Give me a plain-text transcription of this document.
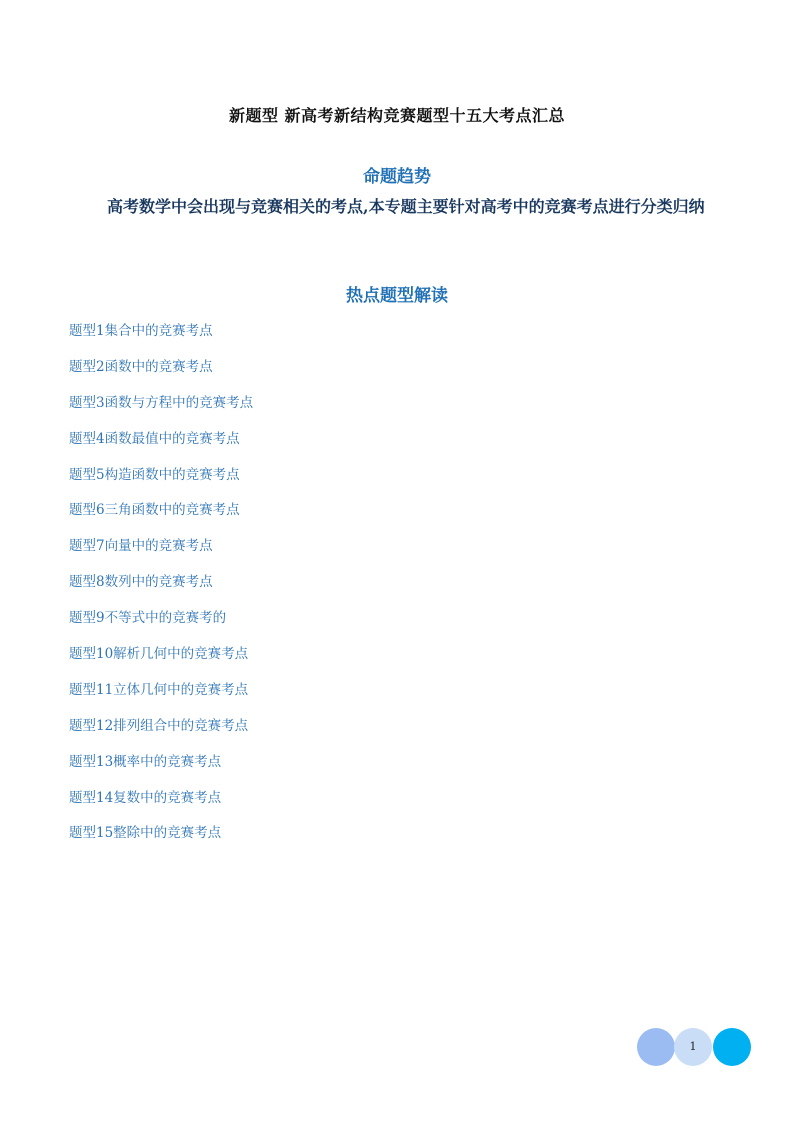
新题型 新高考新结构竞赛题型十五大考点汇总
命题趋势
高考数学中会出现与竞赛相关的考点,本专题主要针对高考中的竞赛考点进行分类归纳
热点题型解读
题型1集合中的竞赛考点
题型2函数中的竞赛考点
题型3函数与方程中的竞赛考点
题型4函数最值中的竞赛考点
题型5构造函数中的竞赛考点
题型6三角函数中的竞赛考点
题型7向量中的竞赛考点
题型8数列中的竞赛考点
题型9不等式中的竞赛考的
题型10解析几何中的竞赛考点
题型11立体几何中的竞赛考点
题型12排列组合中的竞赛考点
题型13概率中的竞赛考点
题型14复数中的竞赛考点
题型15整除中的竞赛考点
1
